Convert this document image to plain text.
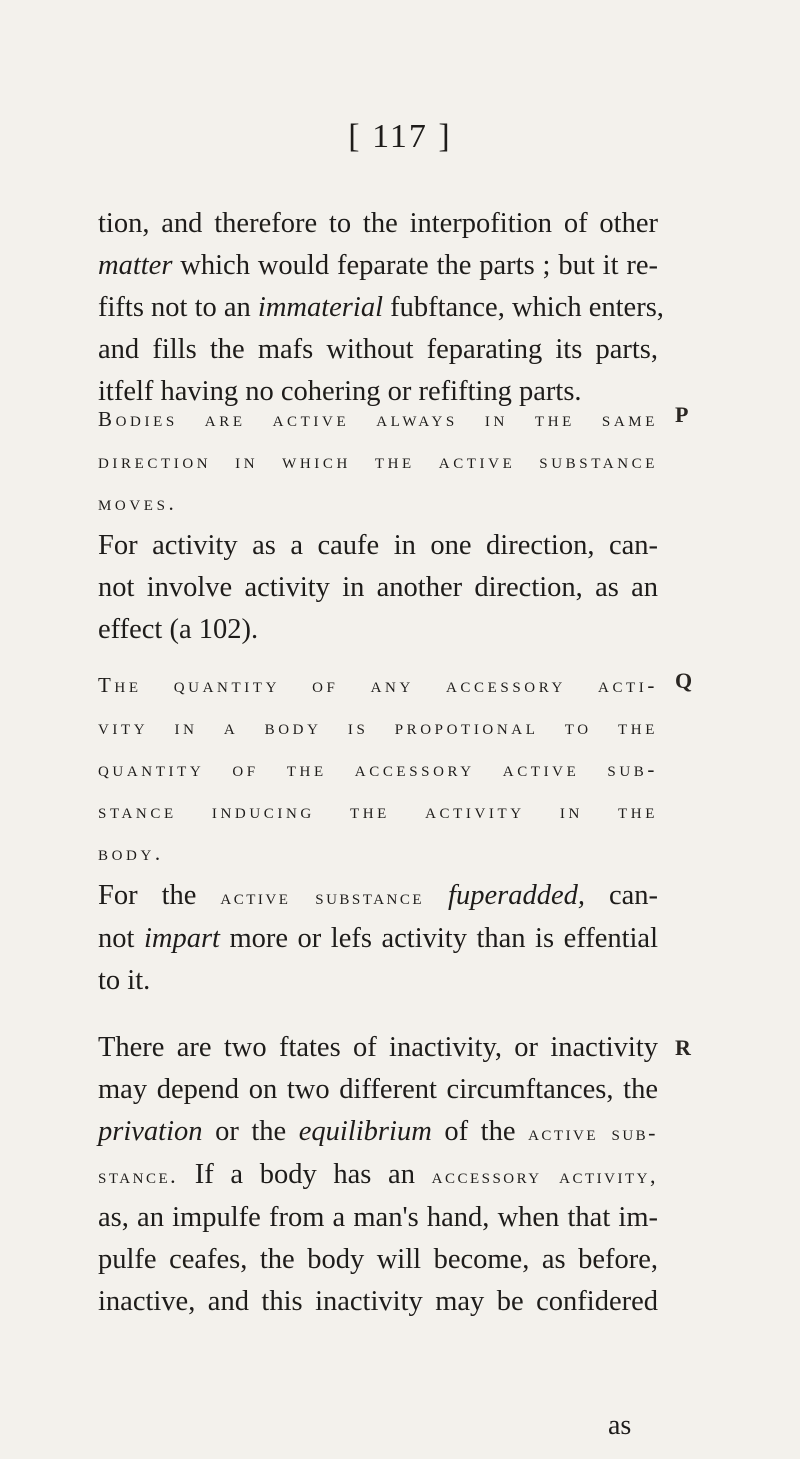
[ 117 ]
tion, and therefore to the interpofition of other
matter which would feparate the parts ; but it re-
fifts not to an immaterial fubftance, which enters,
and fills the mafs without feparating its parts,
itfelf having no cohering or refifting parts.
P
Bodies are active always in the same
direction in which the active substance
moves.
For activity as a caufe in one direction, can-
not involve activity in another direction, as an
effect (a 102).
Q
The quantity of any accessory acti-
vity in a body is propotional to the
quantity of the accessory active sub-
stance inducing the activity in the
body.
For the active substance fuperadded, can-
not impart more or lefs activity than is effential
to it.
R
There are two ftates of inactivity, or inactivity
may depend on two different circumftances, the
privation or the equilibrium of the active sub-
stance. If a body has an accessory activity,
as, an impulfe from a man's hand, when that im-
pulfe ceafes, the body will become, as before,
inactive, and this inactivity may be confidered
as
